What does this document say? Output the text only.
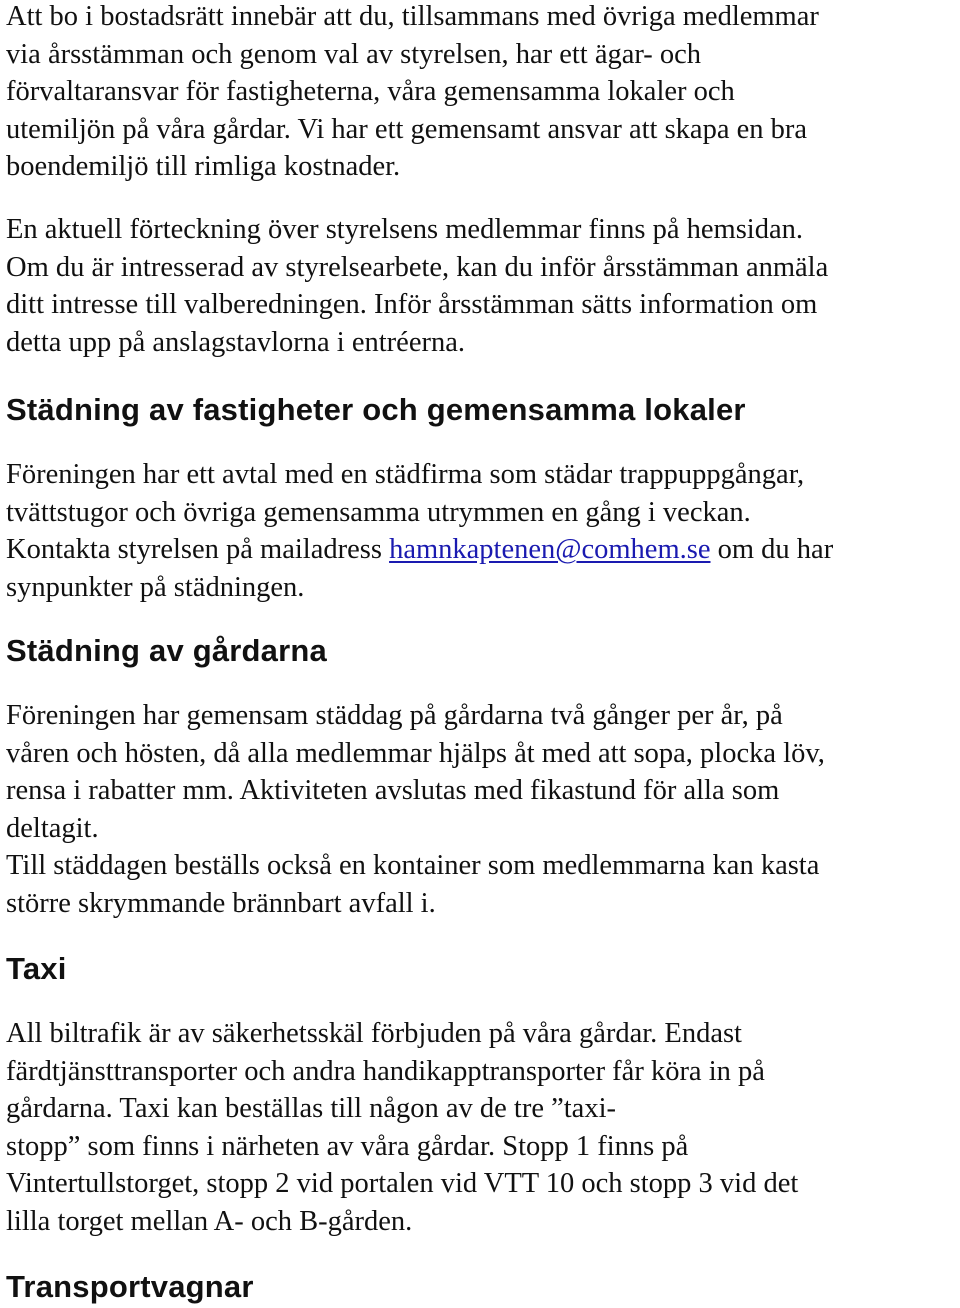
Att bo i bostadsrätt innebär att du, tillsammans med övriga medlemmar
via årsstämman och genom val av styrelsen, har ett ägar- och
förvaltaransvar för fastigheterna, våra gemensamma lokaler och
utemiljön på våra gårdar. Vi har ett gemensamt ansvar att skapa en bra
boendemiljö till rimliga kostnader.

En aktuell förteckning över styrelsens medlemmar finns på hemsidan.
Om du är intresserad av styrelsearbete, kan du inför årsstämman anmäla
ditt intresse till valberedningen. Inför årsstämman sätts information om
detta upp på anslagstavlorna i entréerna.

Städning av fastigheter och gemensamma lokaler

Föreningen har ett avtal med en städfirma som städar trappuppgångar,
tvättstugor och övriga gemensamma utrymmen en gång i veckan.
Kontakta styrelsen på mailadress hamnkaptenen@comhem.se om du har
synpunkter på städningen.

Städning av gårdarna

Föreningen har gemensam städdag på gårdarna två gånger per år, på
våren och hösten, då alla medlemmar hjälps åt med att sopa, plocka löv,
rensa i rabatter mm. Aktiviteten avslutas med fikastund för alla som
deltagit.
Till städdagen beställs också en kontainer som medlemmarna kan kasta
större skrymmande brännbart avfall i.

Taxi

All biltrafik är av säkerhetsskäl förbjuden på våra gårdar. Endast
färdtjänsttransporter och andra handikapptransporter får köra in på
gårdarna. Taxi kan beställas till någon av de tre ”taxi-
stopp” som finns i närheten av våra gårdar. Stopp 1 finns på
Vintertullstorget, stopp 2 vid portalen vid VTT 10 och stopp 3 vid det
lilla torget mellan A- och B-gården.

Transportvagnar
